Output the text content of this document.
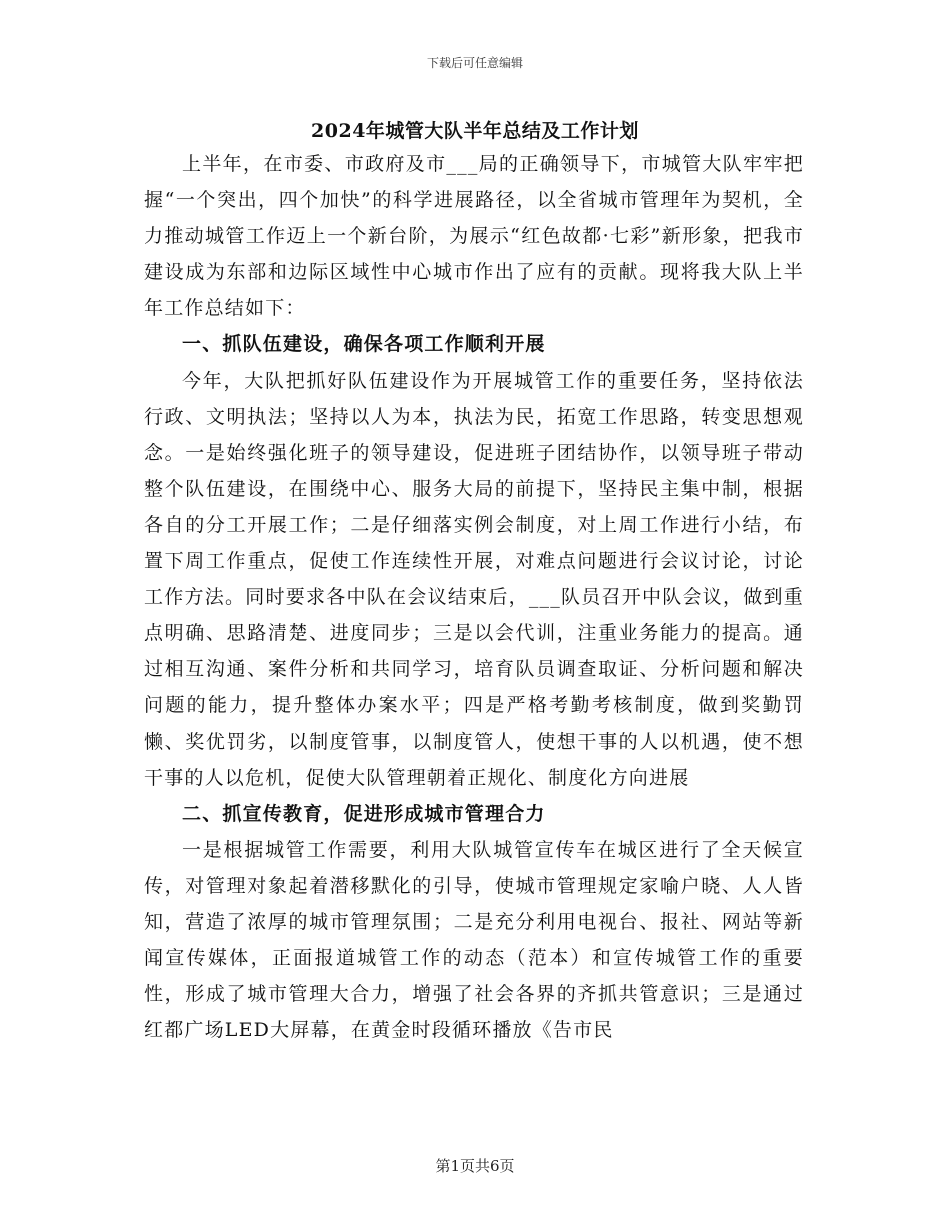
下载后可任意编辑
2024年城管大队半年总结及工作计划

上半年，在市委、市政府及市___局的正确领导下，市城管大队牢牢把握“一个突出，四个加快”的科学进展路径，以全省城市管理年为契机，全力推动城管工作迈上一个新台阶，为展示“红色故都·七彩”新形象，把我市建设成为东部和边际区域性中心城市作出了应有的贡献。现将我大队上半年工作总结如下：

一、抓队伍建设，确保各项工作顺利开展

今年，大队把抓好队伍建设作为开展城管工作的重要任务，坚持依法行政、文明执法；坚持以人为本，执法为民，拓宽工作思路，转变思想观念。一是始终强化班子的领导建设，促进班子团结协作，以领导班子带动整个队伍建设，在围绕中心、服务大局的前提下，坚持民主集中制，根据各自的分工开展工作；二是仔细落实例会制度，对上周工作进行小结，布置下周工作重点，促使工作连续性开展，对难点问题进行会议讨论，讨论工作方法。同时要求各中队在会议结束后，___队员召开中队会议，做到重点明确、思路清楚、进度同步；三是以会代训，注重业务能力的提高。通过相互沟通、案件分析和共同学习，培育队员调查取证、分析问题和解决问题的能力，提升整体办案水平；四是严格考勤考核制度，做到奖勤罚懒、奖优罚劣，以制度管事，以制度管人，使想干事的人以机遇，使不想干事的人以危机，促使大队管理朝着正规化、制度化方向进展

二、抓宣传教育，促进形成城市管理合力

一是根据城管工作需要，利用大队城管宣传车在城区进行了全天候宣传，对管理对象起着潜移默化的引导，使城市管理规定家喻户晓、人人皆知，营造了浓厚的城市管理氛围；二是充分利用电视台、报社、网站等新闻宣传媒体，正面报道城管工作的动态（范本）和宣传城管工作的重要性，形成了城市管理大合力，增强了社会各界的齐抓共管意识；三是通过红都广场LED大屏幕，在黄金时段循环播放《告市民

第1页共6页
